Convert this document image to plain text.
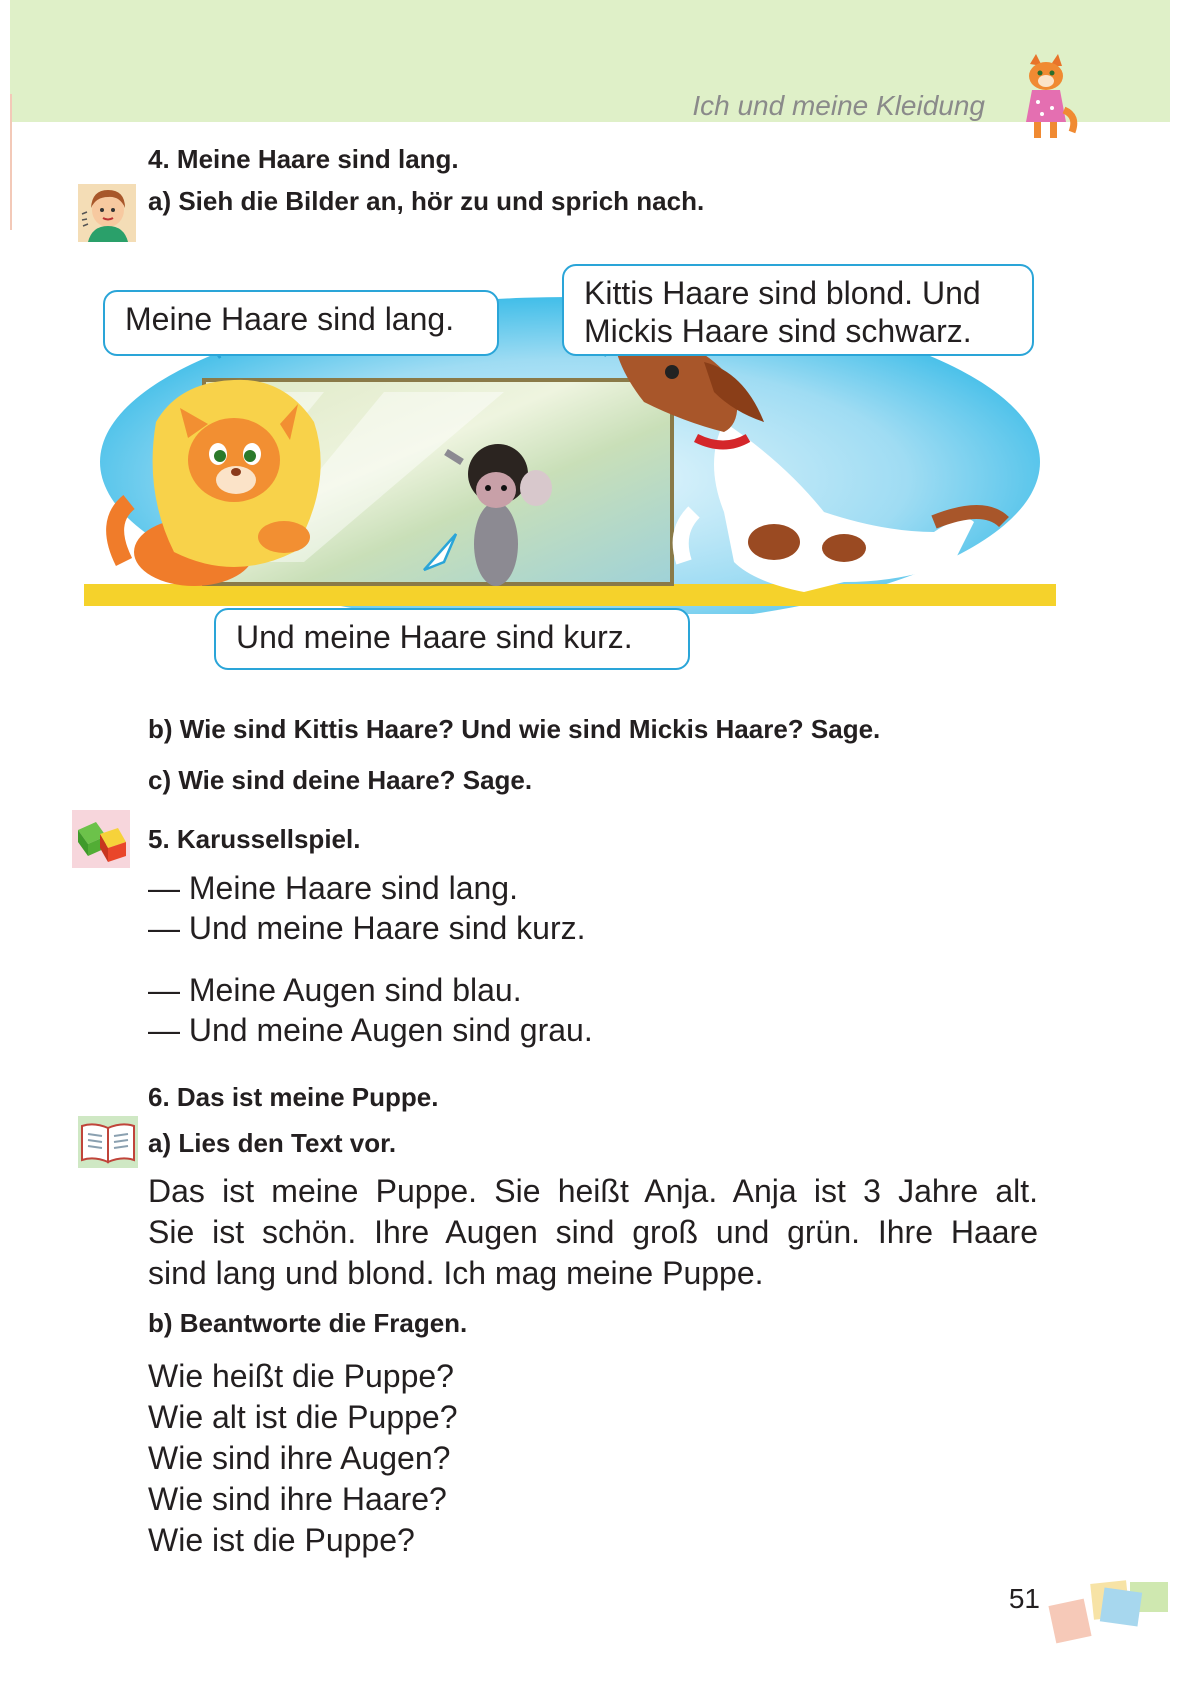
Ich und meine Kleidung
4. Meine Haare sind lang.
a) Sieh die Bilder an, hör zu und sprich nach.
Meine Haare sind lang.
Kittis Haare sind blond. Und
Mickis Haare sind schwarz.
Und meine Haare sind kurz.
b) Wie sind Kittis Haare? Und wie sind Mickis Haare? Sage.
c) Wie sind deine Haare? Sage.
5. Karussellspiel.
— Meine Haare sind lang.
— Und meine Haare sind kurz.
— Meine Augen sind blau.
— Und meine Augen sind grau.
6. Das ist meine Puppe.
a) Lies den Text vor.
Das ist meine Puppe. Sie heißt Anja. Anja ist 3 Jahre alt.
Sie ist schön. Ihre Augen sind groß und grün. Ihre Haare
sind lang und blond. Ich mag meine Puppe.
b) Beantworte die Fragen.
Wie heißt die Puppe?
Wie alt ist die Puppe?
Wie sind ihre Augen?
Wie sind ihre Haare?
Wie ist die Puppe?
51
